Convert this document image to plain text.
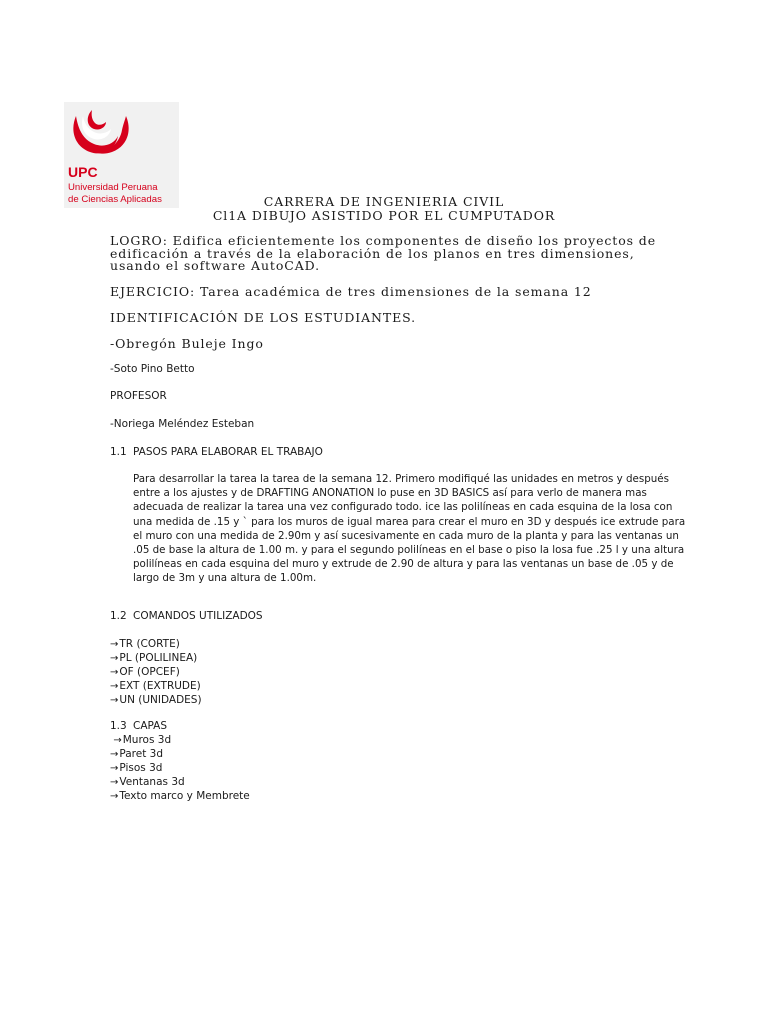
UPC
Universidad Peruana
de Ciencias Aplicadas	CARRERA DE INGENIERIA CIVIL
Cl1A DIBUJO ASISTIDO POR EL CUMPUTADOR
LOGRO: Edifica eficientemente los componentes de diseño los proyectos de edificación a través de la elaboración de los planos en tres dimensiones, usando el software AutoCAD.
EJERCICIO: Tarea académica de tres dimensiones de la semana 12
IDENTIFICACIÓN DE LOS ESTUDIANTES.
-Obregón Buleje Ingo
-Soto Pino Betto
PROFESOR
-Noriega Meléndez Esteban
1.1 PASOS PARA ELABORAR EL TRABAJO
Para desarrollar la tarea la tarea de la semana 12. Primero modifiqué las unidades en metros y después entre a los ajustes y de DRAFTING ANONATION lo puse en 3D BASICS así para verlo de manera mas adecuada de realizar la tarea una vez configurado todo. ice las polilíneas en cada esquina de la losa con una medida de .15 y ` para los muros de igual marea para crear el muro en 3D y después ice extrude para el muro con una medida de 2.90m y así sucesivamente en cada muro de la planta y para las ventanas un .05 de base la altura de 1.00 m. y para el segundo polilíneas en el base o piso la losa fue .25 l y una altura polilíneas en cada esquina del muro y extrude de 2.90 de altura y para las ventanas un base de .05 y de largo de 3m y una altura de 1.00m.
1.2 COMANDOS UTILIZADOS
→TR (CORTE)
→PL (POLILINEA)
→OF (OPCEF)
→EXT (EXTRUDE)
→UN (UNIDADES)
1.3 CAPAS
→Muros 3d
→Paret 3d
→Pisos 3d
→Ventanas 3d
→Texto marco y Membrete
